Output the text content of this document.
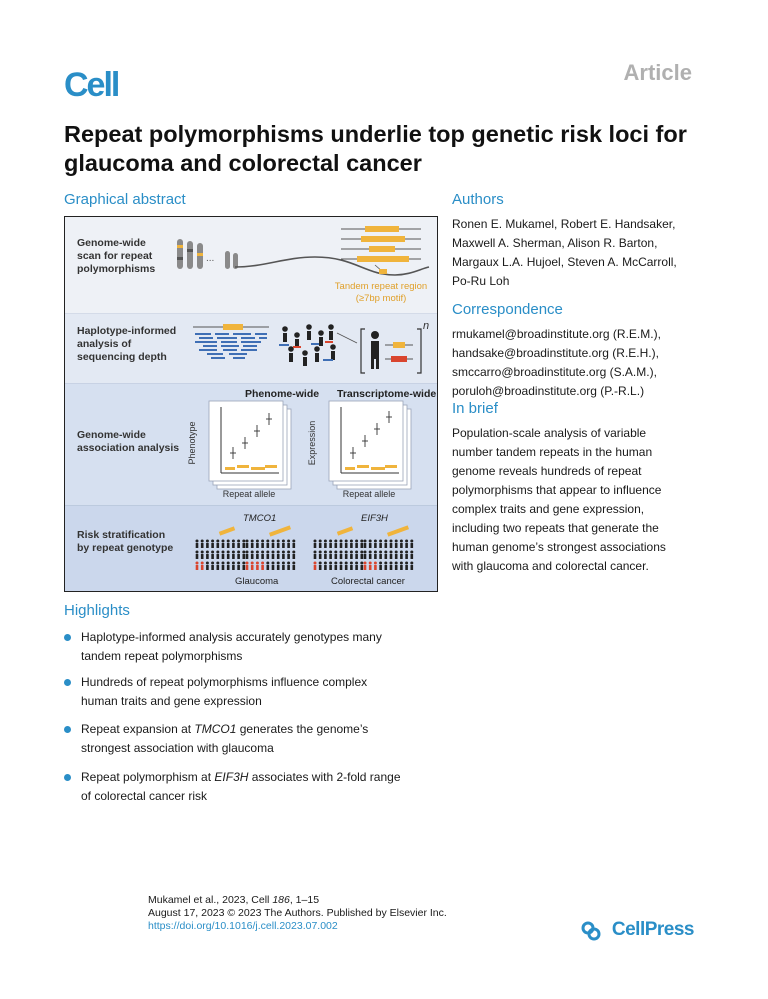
Cell	Article
Repeat polymorphisms underlie top genetic risk loci for glaucoma and colorectal cancer
Graphical abstract
Genome-wide
scan for repeat
polymorphisms
Haplotype-informed
analysis of
sequencing depth
Genome-wide
association analysis
Risk stratification
by repeat genotype
...
Tandem repeat region
(≥7bp motif)
n
Phenome-wide Transcriptome-wide
Phenotype
Repeat allele
Expression
Repeat allele
TMCO1	EIF3H
Glaucoma	Colorectal cancer
Authors
Ronen E. Mukamel, Robert E. Handsaker,
Maxwell A. Sherman, Alison R. Barton,
Margaux L.A. Hujoel, Steven A. McCarroll,
Po-Ru Loh
Correspondence
rmukamel@broadinstitute.org (R.E.M.),
handsake@broadinstitute.org (R.E.H.),
smccarro@broadinstitute.org (S.A.M.),
poruloh@broadinstitute.org (P.-R.L.)
In brief
Population-scale analysis of variable
number tandem repeats in the human
genome reveals hundreds of repeat
polymorphisms that appear to influence
complex traits and gene expression,
including two repeats that generate the
human genome’s strongest associations
with glaucoma and colorectal cancer.
Highlights
Haplotype-informed analysis accurately genotypes many
tandem repeat polymorphisms
Hundreds of repeat polymorphisms influence complex
human traits and gene expression
Repeat expansion at TMCO1 generates the genome’s
strongest association with glaucoma
Repeat polymorphism at EIF3H associates with 2-fold range
of colorectal cancer risk
Mukamel et al., 2023, Cell 186, 1–15
August 17, 2023 © 2023 The Authors. Published by Elsevier Inc.
https://doi.org/10.1016/j.cell.2023.07.002	CellPress
